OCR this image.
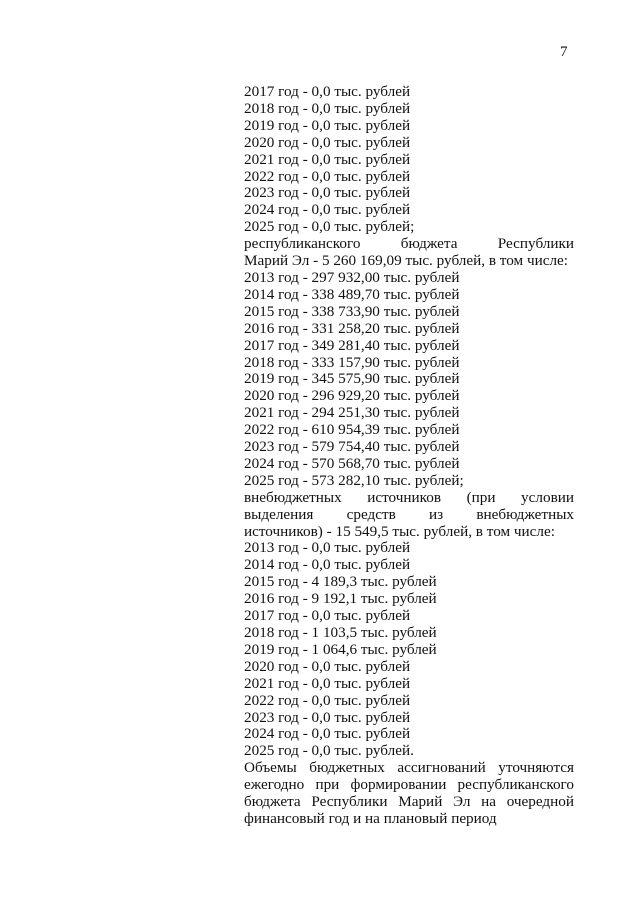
7
2017 год - 0,0 тыс. рублей
2018 год - 0,0 тыс. рублей
2019 год - 0,0 тыс. рублей
2020 год - 0,0 тыс. рублей
2021 год - 0,0 тыс. рублей
2022 год - 0,0 тыс. рублей
2023 год - 0,0 тыс. рублей
2024 год - 0,0 тыс. рублей
2025 год - 0,0 тыс. рублей;
республиканского бюджета Республики
Марий Эл - 5 260 169,09 тыс. рублей, в том числе:
2013 год - 297 932,00 тыс. рублей
2014 год - 338 489,70 тыс. рублей
2015 год - 338 733,90 тыс. рублей
2016 год - 331 258,20 тыс. рублей
2017 год - 349 281,40 тыс. рублей
2018 год - 333 157,90 тыс. рублей
2019 год - 345 575,90 тыс. рублей
2020 год - 296 929,20 тыс. рублей
2021 год - 294 251,30 тыс. рублей
2022 год - 610 954,39 тыс. рублей
2023 год - 579 754,40 тыс. рублей
2024 год - 570 568,70 тыс. рублей
2025 год - 573 282,10 тыс. рублей;
внебюджетных источников (при условии
выделения средств из внебюджетных
источников) - 15 549,5 тыс. рублей, в том числе:
2013 год - 0,0 тыс. рублей
2014 год - 0,0 тыс. рублей
2015 год - 4 189,3 тыс. рублей
2016 год - 9 192,1 тыс. рублей
2017 год - 0,0 тыс. рублей
2018 год - 1 103,5 тыс. рублей
2019 год - 1 064,6 тыс. рублей
2020 год - 0,0 тыс. рублей
2021 год - 0,0 тыс. рублей
2022 год - 0,0 тыс. рублей
2023 год - 0,0 тыс. рублей
2024 год - 0,0 тыс. рублей
2025 год - 0,0 тыс. рублей.
Объемы бюджетных ассигнований уточняются
ежегодно при формировании республиканского
бюджета Республики Марий Эл на очередной
финансовый год и на плановый период
